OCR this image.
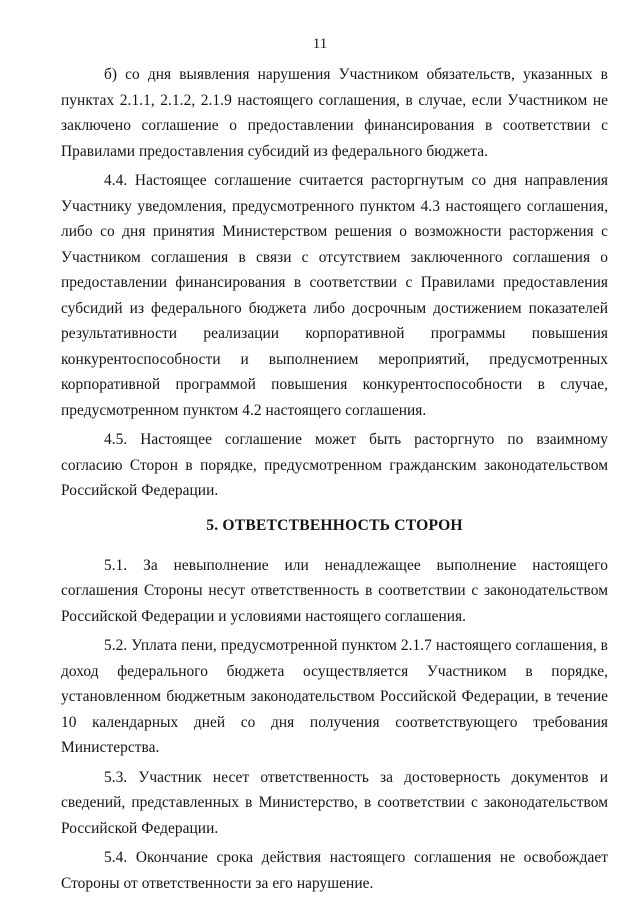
11

б) со дня выявления нарушения Участником обязательств, указанных в пунктах 2.1.1, 2.1.2, 2.1.9 настоящего соглашения, в случае, если Участником не заключено соглашение о предоставлении финансирования в соответствии с Правилами предоставления субсидий из федерального бюджета.

4.4. Настоящее соглашение считается расторгнутым со дня направления Участнику уведомления, предусмотренного пунктом 4.3 настоящего соглашения, либо со дня принятия Министерством решения о возможности расторжения с Участником соглашения в связи с отсутствием заключенного соглашения о предоставлении финансирования в соответствии с Правилами предоставления субсидий из федерального бюджета либо досрочным достижением показателей результативности реализации корпоративной программы повышения конкурентоспособности и выполнением мероприятий, предусмотренных корпоративной программой повышения конкурентоспособности в случае, предусмотренном пунктом 4.2 настоящего соглашения.

4.5. Настоящее соглашение может быть расторгнуто по взаимному согласию Сторон в порядке, предусмотренном гражданским законодательством Российской Федерации.

5. ОТВЕТСТВЕННОСТЬ СТОРОН

5.1. За невыполнение или ненадлежащее выполнение настоящего соглашения Стороны несут ответственность в соответствии с законодательством Российской Федерации и условиями настоящего соглашения.

5.2. Уплата пени, предусмотренной пунктом 2.1.7 настоящего соглашения, в доход федерального бюджета осуществляется Участником в порядке, установленном бюджетным законодательством Российской Федерации, в течение 10 календарных дней со дня получения соответствующего требования Министерства.

5.3. Участник несет ответственность за достоверность документов и сведений, представленных в Министерство, в соответствии с законодательством Российской Федерации.

5.4. Окончание срока действия настоящего соглашения не освобождает Стороны от ответственности за его нарушение.
